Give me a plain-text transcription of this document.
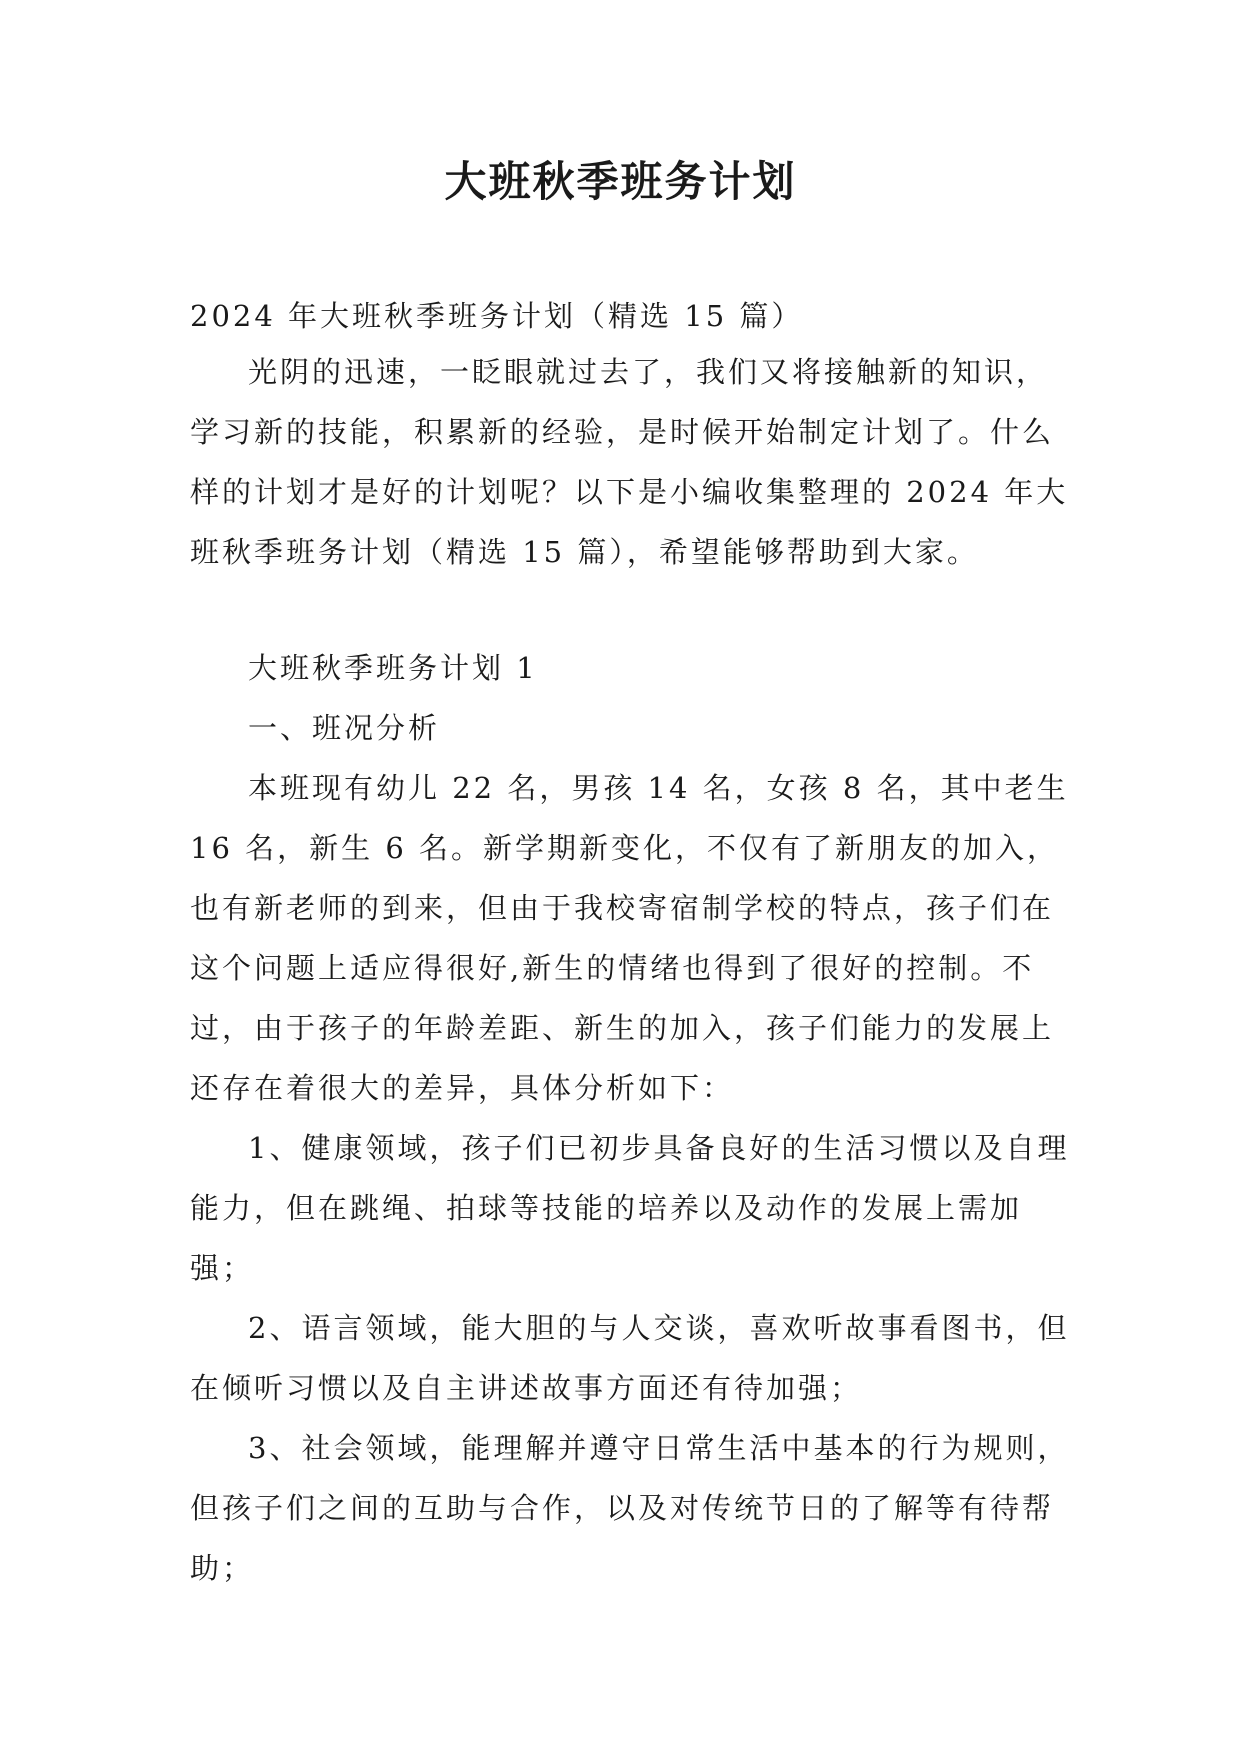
大班秋季班务计划
2024 年大班秋季班务计划（精选 15 篇）
光阴的迅速，一眨眼就过去了，我们又将接触新的知识，学习新的技能，积累新的经验，是时候开始制定计划了。什么样的计划才是好的计划呢？以下是小编收集整理的 2024 年大班秋季班务计划（精选 15 篇），希望能够帮助到大家。

大班秋季班务计划 1

一、班况分析

本班现有幼儿 22 名，男孩 14 名，女孩 8 名，其中老生 16 名，新生 6 名。新学期新变化，不仅有了新朋友的加入，也有新老师的到来，但由于我校寄宿制学校的特点，孩子们在这个问题上适应得很好,新生的情绪也得到了很好的控制。不过，由于孩子的年龄差距、新生的加入，孩子们能力的发展上还存在着很大的差异，具体分析如下：

1、健康领域，孩子们已初步具备良好的生活习惯以及自理能力，但在跳绳、拍球等技能的培养以及动作的发展上需加强；

2、语言领域，能大胆的与人交谈，喜欢听故事看图书，但在倾听习惯以及自主讲述故事方面还有待加强；

3、社会领域，能理解并遵守日常生活中基本的行为规则，但孩子们之间的互助与合作，以及对传统节日的了解等有待帮助；
